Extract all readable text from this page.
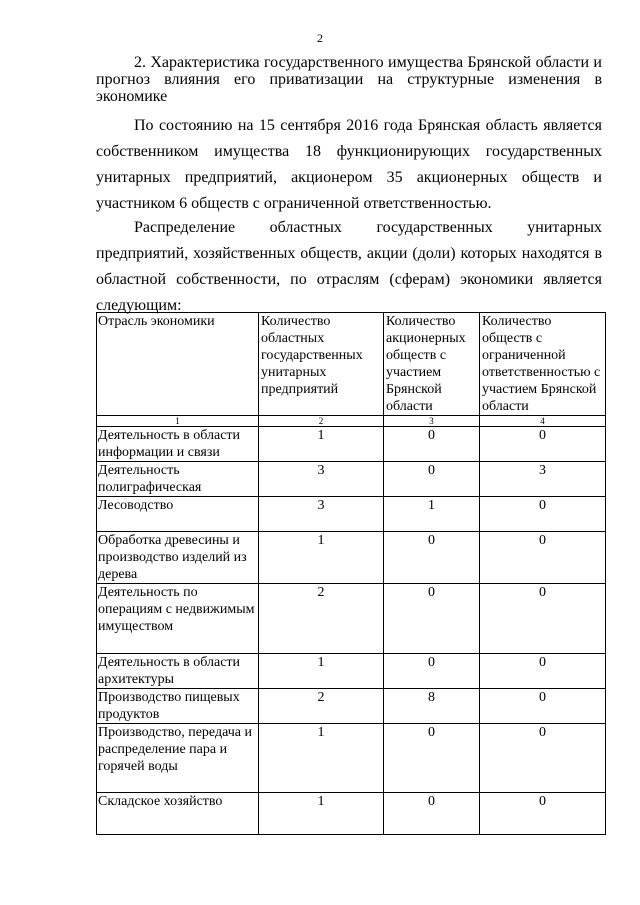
2
2. Характеристика государственного имущества Брянской области и прогноз влияния его приватизации на структурные изменения в экономике
По состоянию на 15 сентября 2016 года Брянская область является собственником имущества 18 функционирующих государственных унитарных предприятий, акционером 35 акционерных обществ и участником 6 обществ с ограниченной ответственностью.
Распределение областных государственных унитарных предприятий, хозяйственных обществ, акции (доли) которых находятся в областной собственности, по отраслям (сферам) экономики является следующим:
Отрасль экономики	Количество областных государственных унитарных предприятий	Количество акционерных обществ с участием Брянской области	Количество обществ с ограниченной ответственностью с участием Брянской области
1	2	3	4
Деятельность в области информации и связи	1	0	0
Деятельность полиграфическая	3	0	3
Лесоводство	3	1	0
Обработка древесины и производство изделий из дерева	1	0	0
Деятельность по операциям с недвижимым имуществом	2	0	0
Деятельность в области архитектуры	1	0	0
Производство пищевых продуктов	2	8	0
Производство, передача и распределение пара и горячей воды	1	0	0
Складское хозяйство	1	0	0
